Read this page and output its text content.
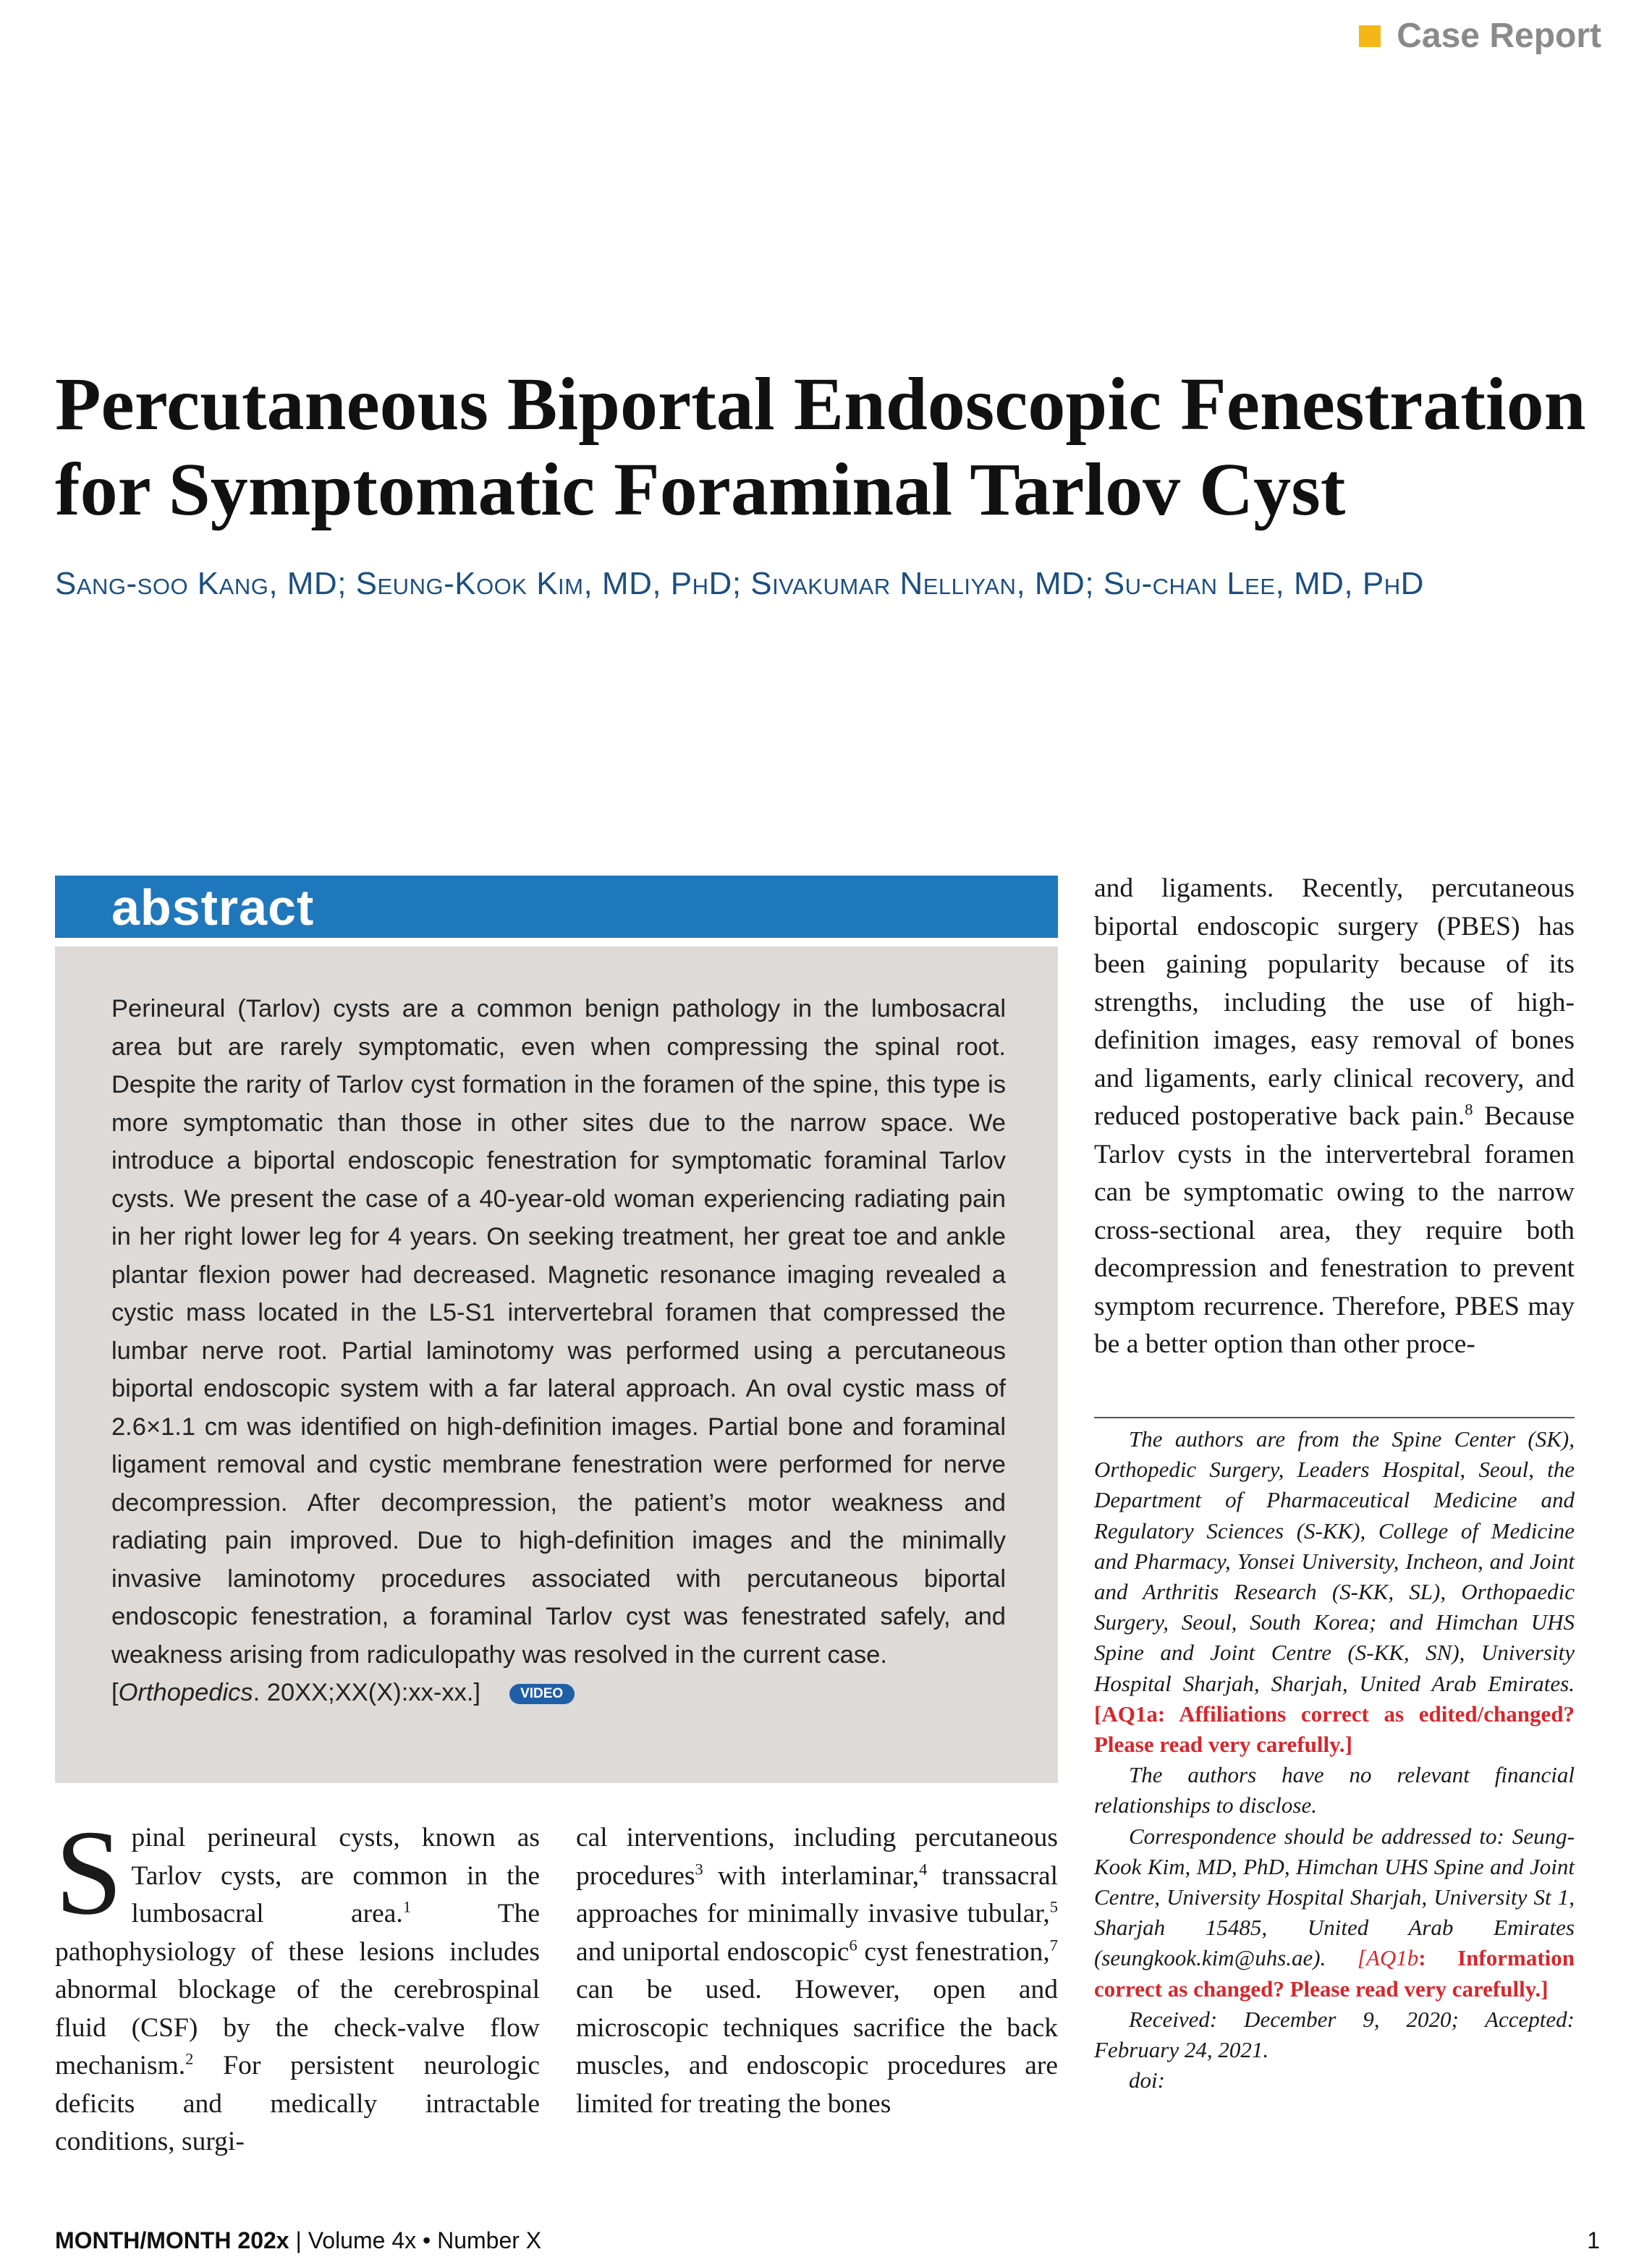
Case Report
Percutaneous Biportal Endoscopic Fenestration
for Symptomatic Foraminal Tarlov Cyst
Sang-soo Kang, MD; Seung-Kook Kim, MD, PhD; Sivakumar Nelliyan, MD; Su-chan Lee, MD, PhD
abstract
Perineural (Tarlov) cysts are a common benign pathology in the lumbosacral area but are rarely symptomatic, even when compressing the spinal root. Despite the rarity of Tarlov cyst formation in the foramen of the spine, this type is more symptomatic than those in other sites due to the narrow space. We introduce a biportal endoscopic fenestration for symptomatic foraminal Tarlov cysts. We present the case of a 40-year-old woman experiencing radiating pain in her right lower leg for 4 years. On seeking treatment, her great toe and ankle plantar flexion power had decreased. Magnetic resonance imaging revealed a cystic mass located in the L5-S1 intervertebral foramen that compressed the lumbar nerve root. Partial laminotomy was performed using a percutaneous biportal endoscopic system with a far lateral approach. An oval cystic mass of 2.6×1.1 cm was identified on high-definition images. Partial bone and foraminal ligament removal and cystic membrane fenestration were performed for nerve decompression. After decompression, the patient’s motor weakness and radiating pain improved. Due to high-definition images and the minimally invasive laminotomy procedures associated with percutaneous biportal endoscopic fenestration, a foraminal Tarlov cyst was fenestrated safely, and weakness arising from radiculopathy was resolved in the current case.
[Orthopedics. 20XX;XX(X):xx-xx.]	VIDEO
Spinal perineural cysts, known as Tarlov cysts, are common in the lumbosacral area.$^1$ The pathophysiology of these lesions includes abnormal blockage of the cerebrospinal fluid (CSF) by the check-valve flow mechanism.$^2$ For persistent neurologic deficits and medically intractable conditions, surgi-
cal interventions, including percutaneous procedures$^3$ with interlaminar,$^4$ transsacral approaches for minimally invasive tubular,$^5$ and uniportal endoscopic$^6$ cyst fenestration,$^7$ can be used. However, open and microscopic techniques sacrifice the back muscles, and endoscopic procedures are limited for treating the bones
and ligaments. Recently, percutaneous biportal endoscopic surgery (PBES) has been gaining popularity because of its strengths, including the use of high-definition images, easy removal of bones and ligaments, early clinical recovery, and reduced postoperative back pain.$^8$ Because Tarlov cysts in the intervertebral foramen can be symptomatic owing to the narrow cross-sectional area, they require both decompression and fenestration to prevent symptom recurrence. Therefore, PBES may be a better option than other proce-

The authors are from the Spine Center (SK), Orthopedic Surgery, Leaders Hospital, Seoul, the Department of Pharmaceutical Medicine and Regulatory Sciences (S-KK), College of Medicine and Pharmacy, Yonsei University, Incheon, and Joint and Arthritis Research (S-KK, SL), Orthopaedic Surgery, Seoul, South Korea; and Himchan UHS Spine and Joint Centre (S-KK, SN), University Hospital Sharjah, Sharjah, United Arab Emirates.[AQ1a: Affiliations correct as edited/changed? Please read very carefully.]

The authors have no relevant financial relationships to disclose.

Correspondence should be addressed to: Seung-Kook Kim, MD, PhD, Himchan UHS Spine and Joint Centre, University Hospital Sharjah, University St 1, Sharjah 15485, United Arab Emirates (seungkook.kim@uhs.ae). [AQ1b: Information correct as changed? Please read very carefully.]

Received: December 9, 2020; Accepted: February 24, 2021.

doi:

MONTH/MONTH 202x | Volume 4x • Number X	1
